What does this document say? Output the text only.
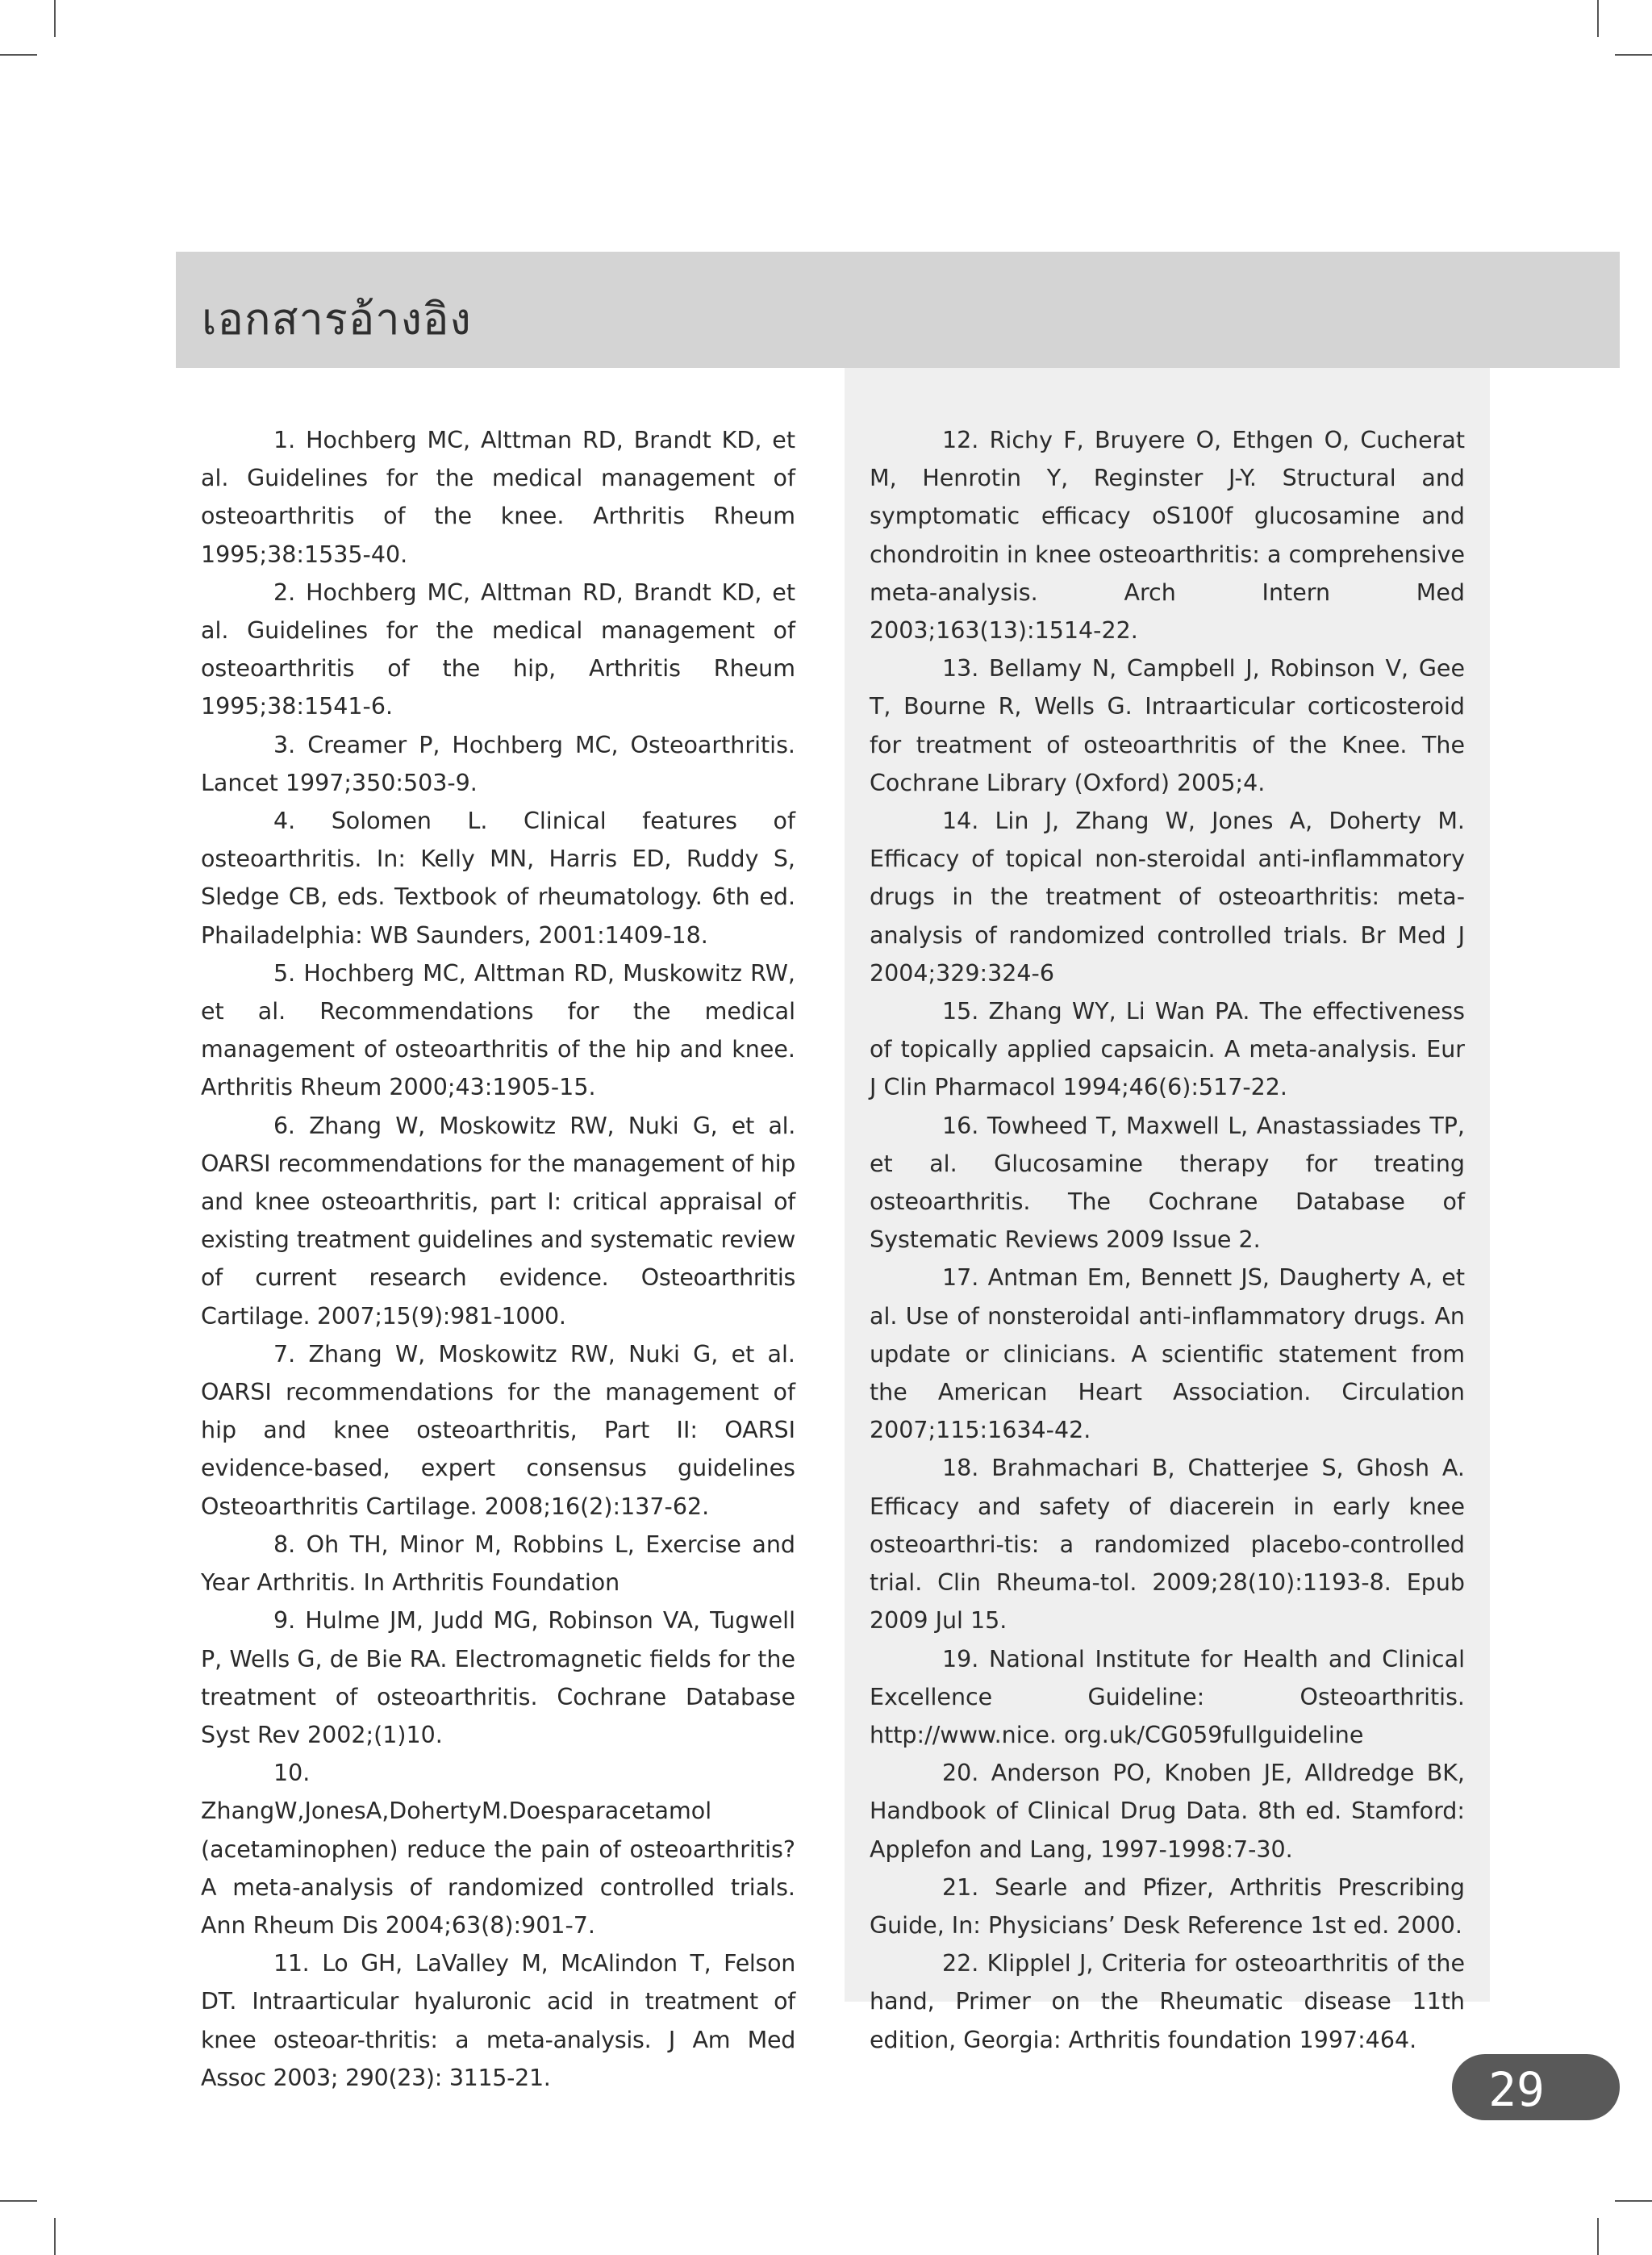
เอกสารอ้างอิง

1. Hochberg MC, Alttman RD, Brandt KD, et al. Guidelines for the medical management of osteoarthritis of the knee. Arthritis Rheum 1995;38:1535-40.

2. Hochberg MC, Alttman RD, Brandt KD, et al. Guidelines for the medical management of osteoarthritis of the hip, Arthritis Rheum 1995;38:1541-6.

3. Creamer P, Hochberg MC, Osteoarthritis. Lancet 1997;350:503-9.

4. Solomen L. Clinical features of osteoarthritis. In: Kelly MN, Harris ED, Ruddy S, Sledge CB, eds. Textbook of rheumatology. 6th ed. Phailadelphia: WB Saunders, 2001:1409-18.

5. Hochberg MC, Alttman RD, Muskowitz RW, et al. Recommendations for the medical management of osteoarthritis of the hip and knee. Arthritis Rheum 2000;43:1905-15.

6. Zhang W, Moskowitz RW, Nuki G, et al. OARSI recommendations for the management of hip and knee osteoarthritis, part I: critical appraisal of existing treatment guidelines and systematic review of current research evidence. Osteoarthritis Cartilage. 2007;15(9):981-1000.

7. Zhang W, Moskowitz RW, Nuki G, et al. OARSI recommendations for the management of hip and knee osteoarthritis, Part II: OARSI evidence-based, expert consensus guidelines Osteoarthritis Cartilage. 2008;16(2):137-62.

8. Oh TH, Minor M, Robbins L, Exercise and Year Arthritis. In Arthritis Foundation

9. Hulme JM, Judd MG, Robinson VA, Tugwell P, Wells G, de Bie RA. Electromagnetic fields for the treatment of osteoarthritis. Cochrane Database Syst Rev 2002;(1)10.

10. ZhangW,JonesA,DohertyM.Doesparacetamol (acetaminophen) reduce the pain of osteoarthritis? A meta-analysis of randomized controlled trials. Ann Rheum Dis 2004;63(8):901-7.

11. Lo GH, LaValley M, McAlindon T, Felson DT. Intraarticular hyaluronic acid in treatment of knee osteoar-thritis: a meta-analysis. J Am Med Assoc 2003; 290(23): 3115-21.

12. Richy F, Bruyere O, Ethgen O, Cucherat M, Henrotin Y, Reginster J-Y. Structural and symptomatic efficacy oS100f glucosamine and chondroitin in knee osteoarthritis: a comprehensive meta-analysis. Arch Intern Med 2003;163(13):1514-22.

13. Bellamy N, Campbell J, Robinson V, Gee T, Bourne R, Wells G. Intraarticular corticosteroid for treatment of osteoarthritis of the Knee. The Cochrane Library (Oxford) 2005;4.

14. Lin J, Zhang W, Jones A, Doherty M. Efficacy of topical non-steroidal anti-inflammatory drugs in the treatment of osteoarthritis: meta-analysis of randomized controlled trials. Br Med J 2004;329:324-6

15. Zhang WY, Li Wan PA. The effectiveness of topically applied capsaicin. A meta-analysis. Eur J Clin Pharmacol 1994;46(6):517-22.

16. Towheed T, Maxwell L, Anastassiades TP, et al. Glucosamine therapy for treating osteoarthritis. The Cochrane Database of Systematic Reviews 2009 Issue 2.

17. Antman Em, Bennett JS, Daugherty A, et al. Use of nonsteroidal anti-inflammatory drugs. An update or clinicians. A scientific statement from the American Heart Association. Circulation 2007;115:1634-42.

18. Brahmachari B, Chatterjee S, Ghosh A. Efficacy and safety of diacerein in early knee osteoarthri-tis: a randomized placebo-controlled trial. Clin Rheuma-tol. 2009;28(10):1193-8. Epub 2009 Jul 15.

19. National Institute for Health and Clinical Excellence Guideline: Osteoarthritis. http://www.nice. org.uk/CG059fullguideline

20. Anderson PO, Knoben JE, Alldredge BK, Handbook of Clinical Drug Data. 8th ed. Stamford: Applefon and Lang, 1997-1998:7-30.

21. Searle and Pfizer, Arthritis Prescribing Guide, In: Physicians’ Desk Reference 1st ed. 2000.

22. Klipplel J, Criteria for osteoarthritis of the hand, Primer on the Rheumatic disease 11th edition, Georgia: Arthritis foundation 1997:464.

29
